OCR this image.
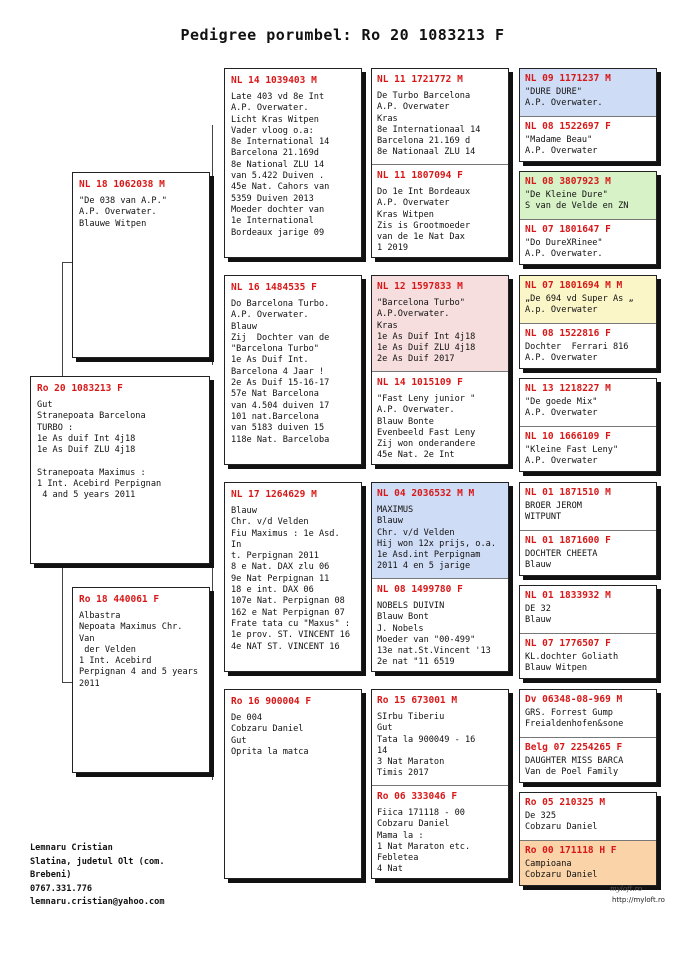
Pedigree porumbel: Ro 20 1083213 F
Ro 20 1083213 F
Gut
Stranepoata Barcelona
TURBO :
1e As duif Int 4j18
1e As Duif ZLU 4j18

Stranepoata Maximus :
1 Int. Acebird Perpignan
4 and 5 years 2011
NL 18 1062038 M
"De 038 van A.P."
A.P. Overwater.
Blauwe Witpen
Ro 18 440061 F
Albastra
Nepoata Maximus Chr. Van
der Velden
1 Int. Acebird
Perpignan 4 and 5 years
2011
NL 14 1039403 M
Late 403 vd 8e Int
A.P. Overwater.
Licht Kras Witpen
Vader vloog o.a:
8e International 14
Barcelona 21.169d
8e National ZLU 14
van 5.422 Duiven .
45e Nat. Cahors van
5359 Duiven 2013
Moeder dochter van
1e International
Bordeaux jarige 09
NL 16 1484535 F
Do Barcelona Turbo.
A.P. Overwater.
Blauw
Zij  Dochter van de
"Barcelona Turbo"
1e As Duif Int.
Barcelona 4 Jaar !
2e As Duif 15-16-17
57e Nat Barcelona
van 4.504 duiven 17
101 nat.Barcelona
van 5183 duiven 15
118e Nat. Barceloba
NL 17 1264629 M
Blauw
Chr. v/d Velden
Fiu Maximus : 1e Asd. In
t. Perpignan 2011
8 e Nat. DAX zlu 06
9e Nat Perpignan 11
18 e int. DAX 06
107e Nat. Perpignan 08
162 e Nat Perpignan 07
Frate tata cu "Maxus" :
1e prov. ST. VINCENT 16
4e NAT ST. VINCENT 16
Ro 16 900004 F
De 004
Cobzaru Daniel
Gut
Oprita la matca
NL 11 1721772 M
De Turbo Barcelona
A.P. Overwater
Kras
8e Internationaal 14
Barcelona 21.169 d
8e Nationaal ZLU 14
NL 11 1807094 F
Do 1e Int Bordeaux
A.P. Overwater
Kras Witpen
Zis is Grootmoeder
van de 1e Nat Dax
1 2019
NL 12 1597833 M
"Barcelona Turbo"
A.P.Overwater.
Kras
1e As Duif Int 4j18
1e As Duif ZLU 4j18
2e As Duif 2017
NL 14 1015109 F
"Fast Leny junior "
A.P. Overwater.
Blauw Bonte
Evenbeeld Fast Leny
Zij won onderandere
45e Nat. 2e Int
NL 04 2036532 M M
MAXIMUS
Blauw
Chr. v/d Velden
Hij won 12x prijs, o.a.
1e Asd.int Perpignam
2011 4 en 5 jarige
NL 08 1499780 F
NOBELS DUIVIN
Blauw Bont
J. Nobels
Moeder van "00-499"
13e nat.St.Vincent '13
2e nat "11 6519
Ro 15 673001 M
SIrbu Tiberiu
Gut
Tata la 900049 - 16
14
3 Nat Maraton
Timis 2017
Ro 06 333046 F
Fiica 171118 - 00
Cobzaru Daniel
Mama la :
1 Nat Maraton etc.
Febletea
4 Nat
NL 09 1171237 M
"DURE DURE"
A.P. Overwater.
NL 08 1522697 F
"Madame Beau"
A.P. Overwater
NL 08 3807923 M
"De Kleine Dure"
S van de Velde en ZN
NL 07 1801647 F
"Do DureXRinee"
A.P. Overwater.
NL 07 1801694 M M
„De 694 vd Super As „
A.p. Overwater
NL 08 1522816 F
Dochter  Ferrari 816
A.P. Overwater
NL 13 1218227 M
"De goede Mix"
A.P. Overwater
NL 10 1666109 F
"Kleine Fast Leny"
A.P. Overwater
NL 01 1871510 M
BROER JEROM
WITPUNT
NL 01 1871600 F
DOCHTER CHEETA
Blauw
NL 01 1833932 M
DE 32
Blauw
NL 07 1776507 F
KL.dochter Goliath
Blauw Witpen
Dv 06348-08-969 M
GRS. Forrest Gump
Freialdenhofen&sone
Belg 07 2254265 F
DAUGHTER MISS BARCA
Van de Poel Family
Ro 05 210325 M
De 325
Cobzaru Daniel
Ro 00 171118 H F
Campioana
Cobzaru Daniel
Lemnaru Cristian
Slatina, judetul Olt (com.
Brebeni)
0767.331.776
lemnaru.cristian@yahoo.com
myloft.ro
http://myloft.ro
